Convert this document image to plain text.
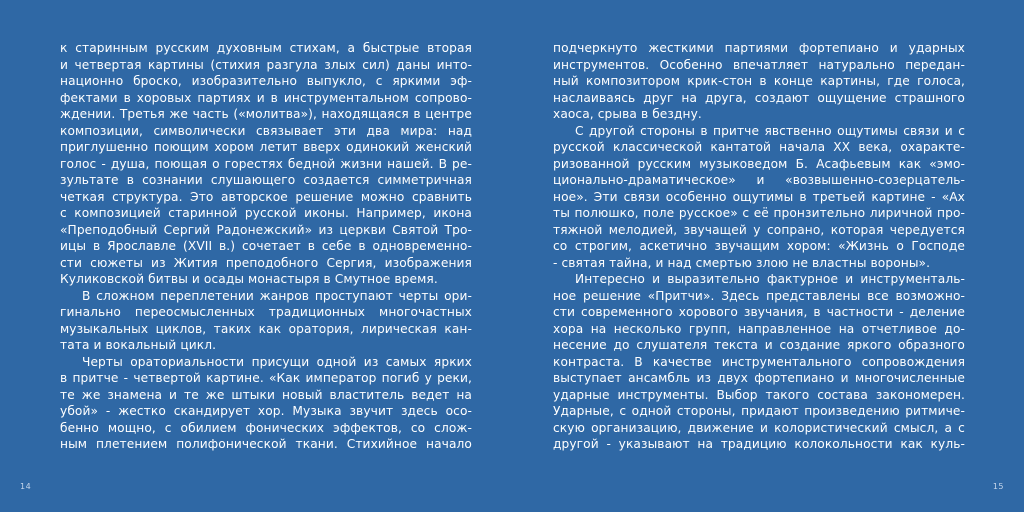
к старинным русским духовным стихам, а быстрые вторая
и четвертая картины (стихия разгула злых сил) даны инто-
национно броско, изобразительно выпукло, с яркими эф-
фектами в хоровых партиях и в инструментальном сопрово-
ждении. Третья же часть («молитва»), находящаяся в центре
композиции, символически связывает эти два мира: над
приглушенно поющим хором летит вверх одинокий женский
голос - душа, поющая о горестях бедной жизни нашей. В ре-
зультате в сознании слушающего создается симметричная
четкая структура. Это авторское решение можно сравнить
с композицией старинной русской иконы. Например, икона
«Преподобный Сергий Радонежский» из церкви Святой Тро-
ицы в Ярославле (XVII в.) сочетает в себе в одновременно-
сти сюжеты из Жития преподобного Сергия, изображения
Куликовской битвы и осады монастыря в Смутное время.
В сложном переплетении жанров проступают черты ори-
гинально переосмысленных традиционных многочастных
музыкальных циклов, таких как оратория, лирическая кан-
тата и вокальный цикл.
Черты ораториальности присущи одной из самых ярких
в притче - четвертой картине. «Как император погиб у реки,
те же знамена и те же штыки новый властитель ведет на
убой» - жестко скандирует хор. Музыка звучит здесь осо-
бенно мощно, с обилием фонических эффектов, со слож-
ным плетением полифонической ткани. Стихийное начало
подчеркнуто жесткими партиями фортепиано и ударных
инструментов. Особенно впечатляет натурально передан-
ный композитором крик-стон в конце картины, где голоса,
наслаиваясь друг на друга, создают ощущение страшного
хаоса, срыва в бездну.
С другой стороны в притче явственно ощутимы связи и с
русской классической кантатой начала XX века, охаракте-
ризованной русским музыковедом Б. Асафьевым как «эмо-
ционально-драматическое» и «возвышенно-созерцатель-
ное». Эти связи особенно ощутимы в третьей картине - «Ах
ты полюшко, поле русское» с её пронзительно лиричной про-
тяжной мелодией, звучащей у сопрано, которая чередуется
со строгим, аскетично звучащим хором: «Жизнь о Господе
- святая тайна, и над смертью злою не властны вороны».
Интересно и выразительно фактурное и инструменталь-
ное решение «Притчи». Здесь представлены все возможно-
сти современного хорового звучания, в частности - деление
хора на несколько групп, направленное на отчетливое до-
несение до слушателя текста и создание яркого образного
контраста. В качестве инструментального сопровождения
выступает ансамбль из двух фортепиано и многочисленные
ударные инструменты. Выбор такого состава закономерен.
Ударные, с одной стороны, придают произведению ритмиче-
скую организацию, движение и колористический смысл, а с
другой - указывают на традицию колокольности как куль-
14	15
